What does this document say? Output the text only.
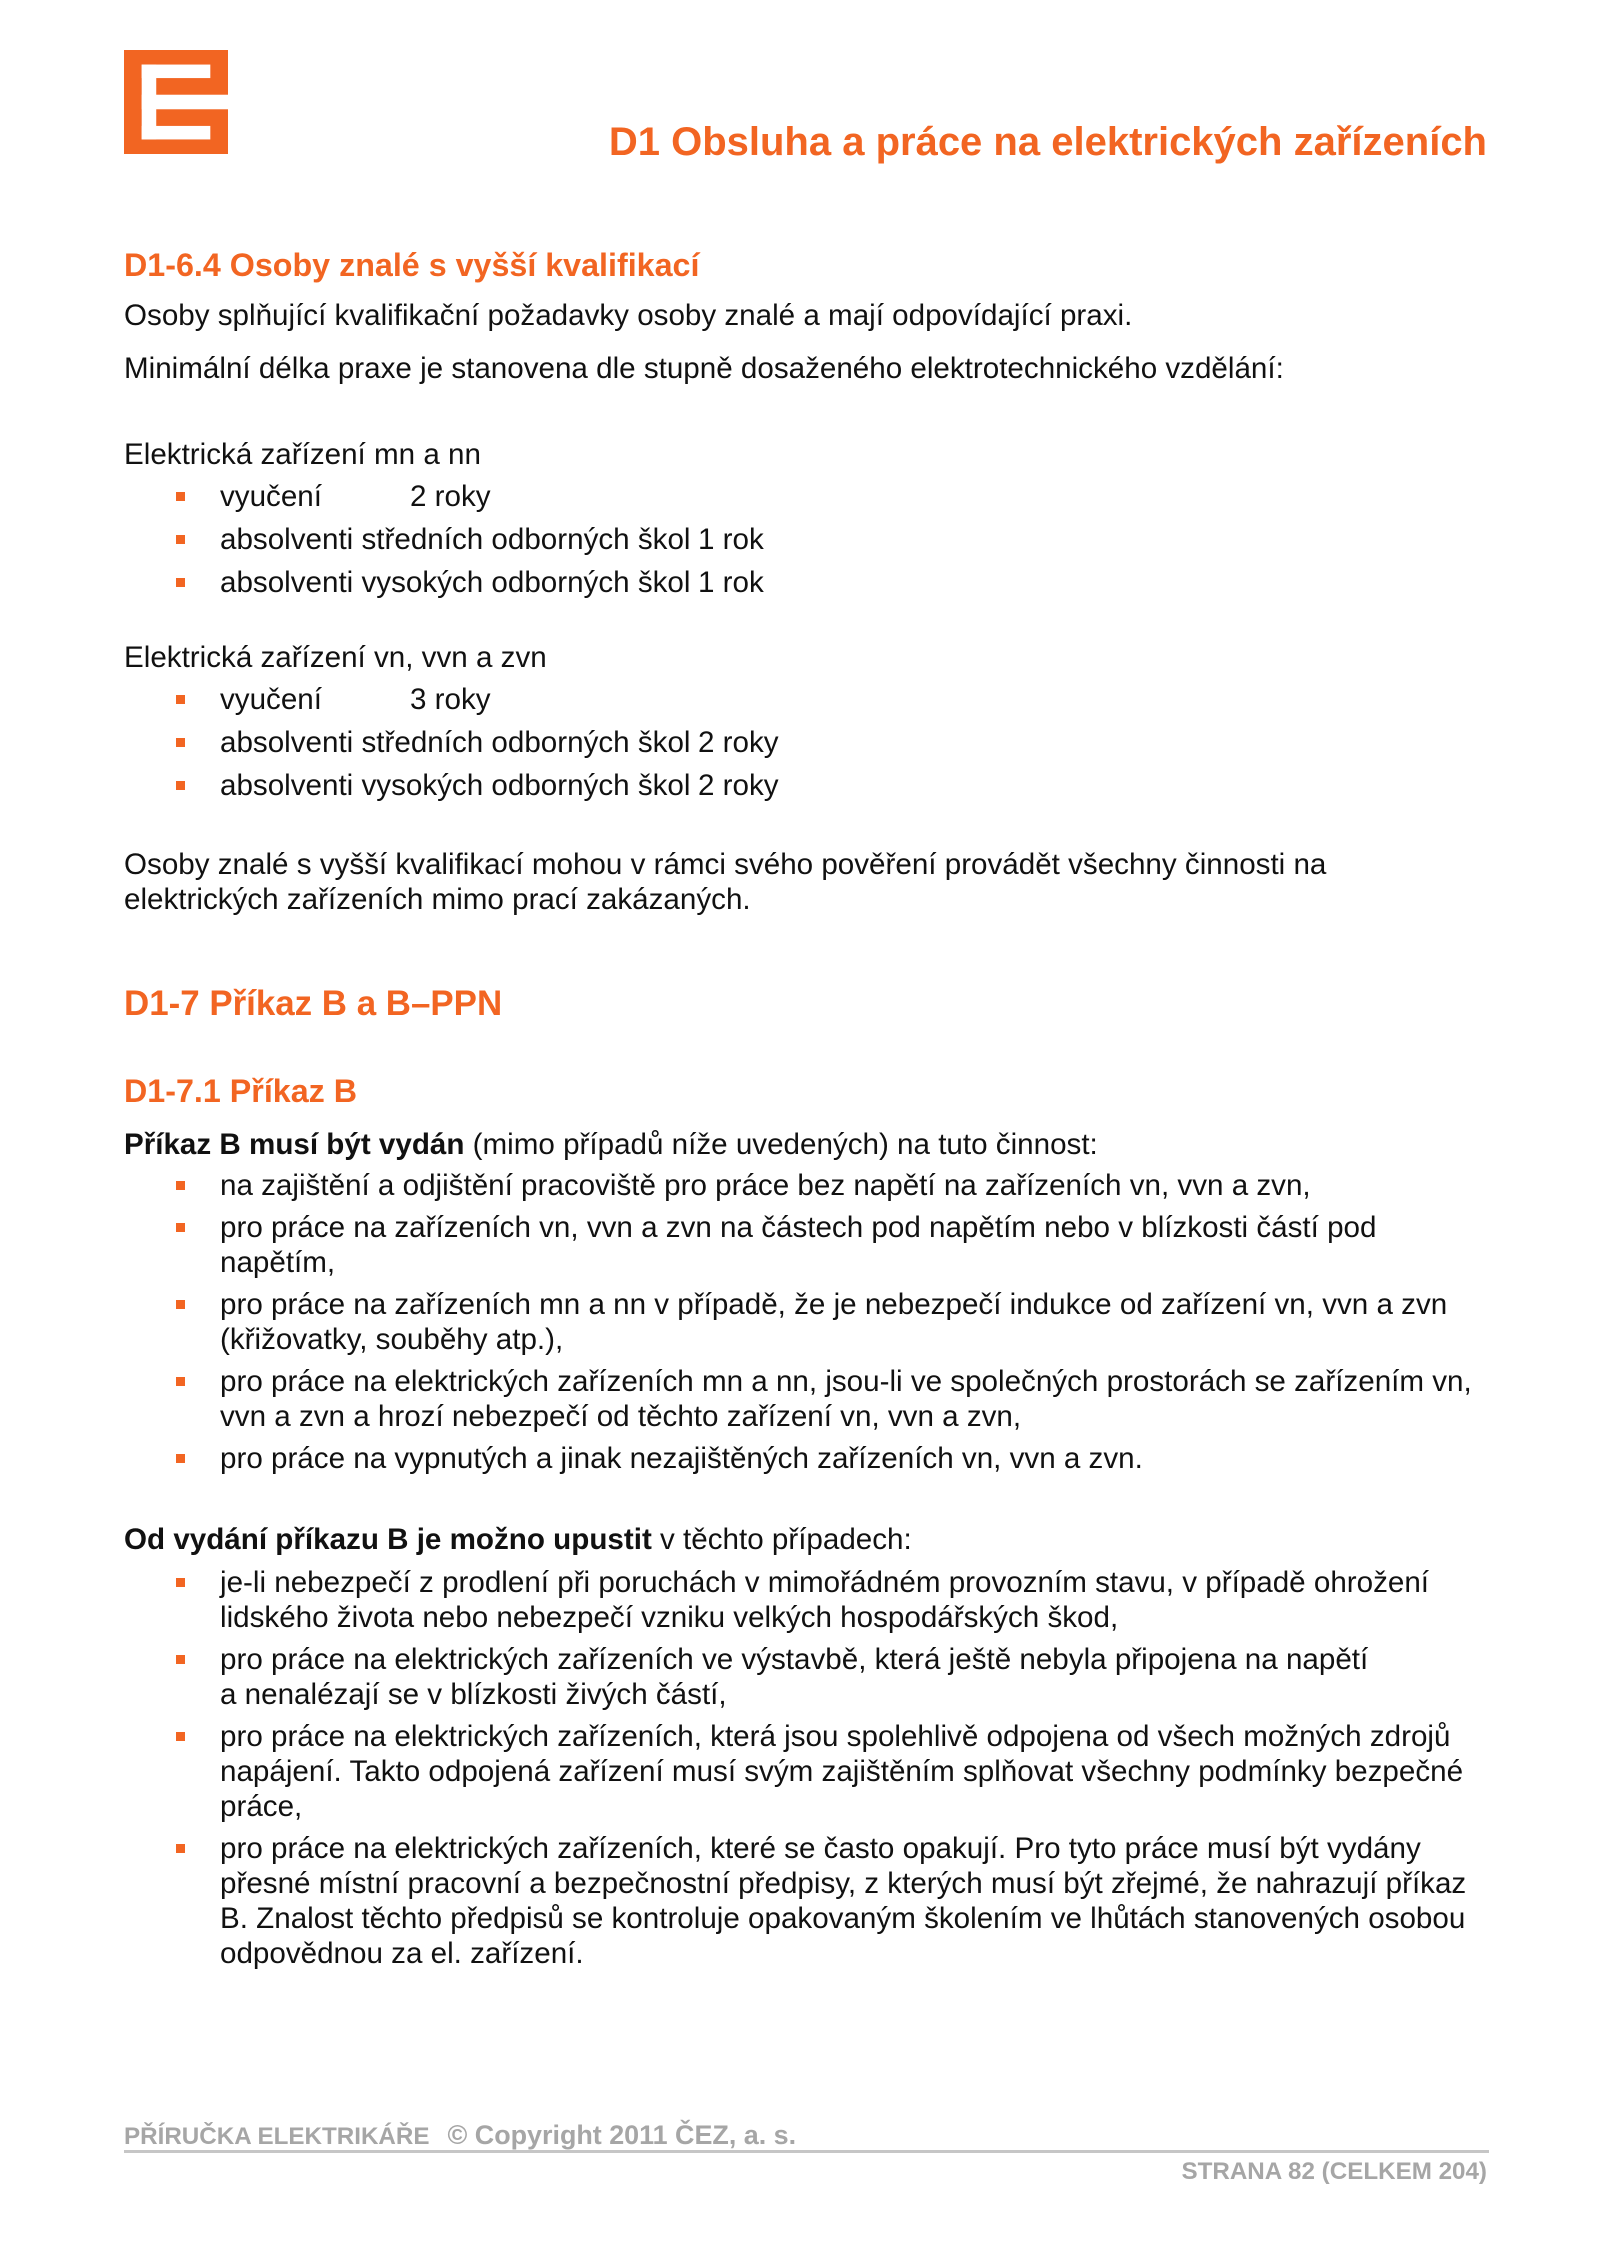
D1 Obsluha a práce na elektrických zařízeních
D1-6.4 Osoby znalé s vyšší kvalifikací

Osoby splňující kvalifikační požadavky osoby znalé a mají odpovídající praxi.

Minimální délka praxe je stanovena dle stupně dosaženého elektrotechnického vzdělání:

Elektrická zařízení mn a nn

vyučení	2 roky
absolventi středních odborných škol 1 rok
absolventi vysokých odborných škol 1 rok

Elektrická zařízení vn, vvn a zvn

vyučení	3 roky
absolventi středních odborných škol 2 roky
absolventi vysokých odborných škol 2 roky

Osoby znalé s vyšší kvalifikací mohou v rámci svého pověření provádět všechny činnosti na
elektrických zařízeních mimo prací zakázaných.

D1-7 Příkaz B a B–PPN
D1-7.1 Příkaz B

Příkaz B musí být vydán (mimo případů níže uvedených) na tuto činnost:

na zajištění a odjištění pracoviště pro práce bez napětí na zařízeních vn, vvn a zvn,
pro práce na zařízeních vn, vvn a zvn na částech pod napětím nebo v blízkosti částí pod
napětím,
pro práce na zařízeních mn a nn v případě, že je nebezpečí indukce od zařízení vn, vvn a zvn
(křižovatky, souběhy atp.),
pro práce na elektrických zařízeních mn a nn, jsou-li ve společných prostorách se zařízením vn,
vvn a zvn a hrozí nebezpečí od těchto zařízení vn, vvn a zvn,
pro práce na vypnutých a jinak nezajištěných zařízeních vn, vvn a zvn.

Od vydání příkazu B je možno upustit v těchto případech:

je-li nebezpečí z prodlení při poruchách v mimořádném provozním stavu, v případě ohrožení
lidského života nebo nebezpečí vzniku velkých hospodářských škod,
pro práce na elektrických zařízeních ve výstavbě, která ještě nebyla připojena na napětí
a nenalézají se v blízkosti živých částí,
pro práce na elektrických zařízeních, která jsou spolehlivě odpojena od všech možných zdrojů
napájení. Takto odpojená zařízení musí svým zajištěním splňovat všechny podmínky bezpečné
práce,
pro práce na elektrických zařízeních, které se často opakují. Pro tyto práce musí být vydány
přesné místní pracovní a bezpečnostní předpisy, z kterých musí být zřejmé, že nahrazují příkaz
B. Znalost těchto předpisů se kontroluje opakovaným školením ve lhůtách stanovených osobou
odpovědnou za el. zařízení.
PŘÍRUČKA ELEKTRIKÁŘE © Copyright 2011 ČEZ, a. s.
STRANA 82 (CELKEM 204)
